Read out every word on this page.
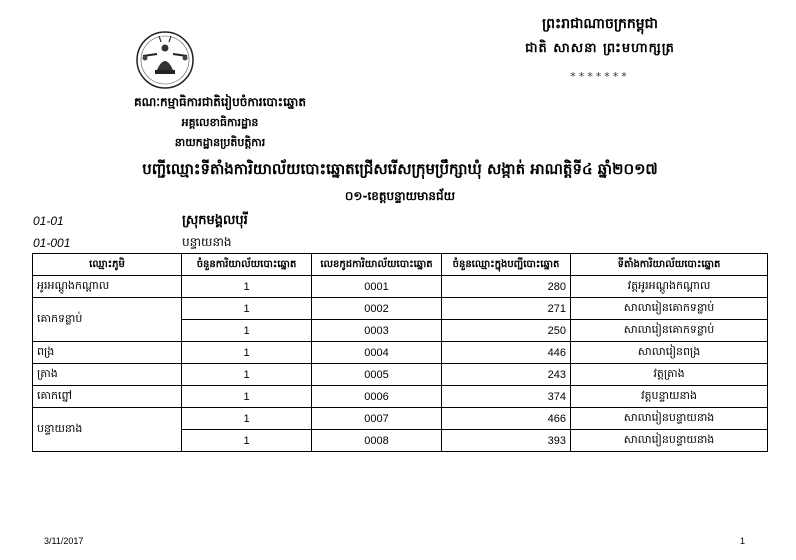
គណៈកម្មាធិការជាតិរៀបចំការបោះឆ្នោត
អគ្គលេខាធិការដ្ឋាន
នាយកដ្ឋានប្រតិបត្តិការ
ព្រះរាជាណាចក្រកម្ពុជា
ជាតិ សាសនា ព្រះមហាក្សត្រ
*******
បញ្ជីឈ្មោះទីតាំងការិយាល័យបោះឆ្នោតជ្រើសរើសក្រុមប្រឹក្សាឃុំ សង្កាត់ អាណត្តិទី៤ ឆ្នាំ២០១៧
០១-ខេត្តបន្ទាយមានជ័យ
01-01	ស្រុកមង្គលបុរី
01-001	បន្ទាយនាង
ឈ្មោះភូមិ	ចំនួនការិយាល័យបោះឆ្នោត	លេខកូដការិយាល័យបោះឆ្នោត	ចំនួនឈ្មោះក្នុងបញ្ជីបោះឆ្នោត	ទីតាំងការិយាល័យបោះឆ្នោត
អូរអណ្ដូងកណ្ដាល	1	0001	280	វត្តអូរអណ្ដូងកណ្ដាល
គោកទន្លាប់	1	0002	271	សាលារៀនគោកទន្លាប់
	1	0003	250	សាលារៀនគោកទន្លាប់
ពង្រ	1	0004	446	សាលារៀនពង្រ
ត្រាង	1	0005	243	វត្តត្រាង
គោកព្នៅ	1	0006	374	វត្តបន្ទាយនាង
បន្ទាយនាង	1	0007	466	សាលារៀនបន្ទាយនាង
	1	0008	393	សាលារៀនបន្ទាយនាង
3/11/2017	1
